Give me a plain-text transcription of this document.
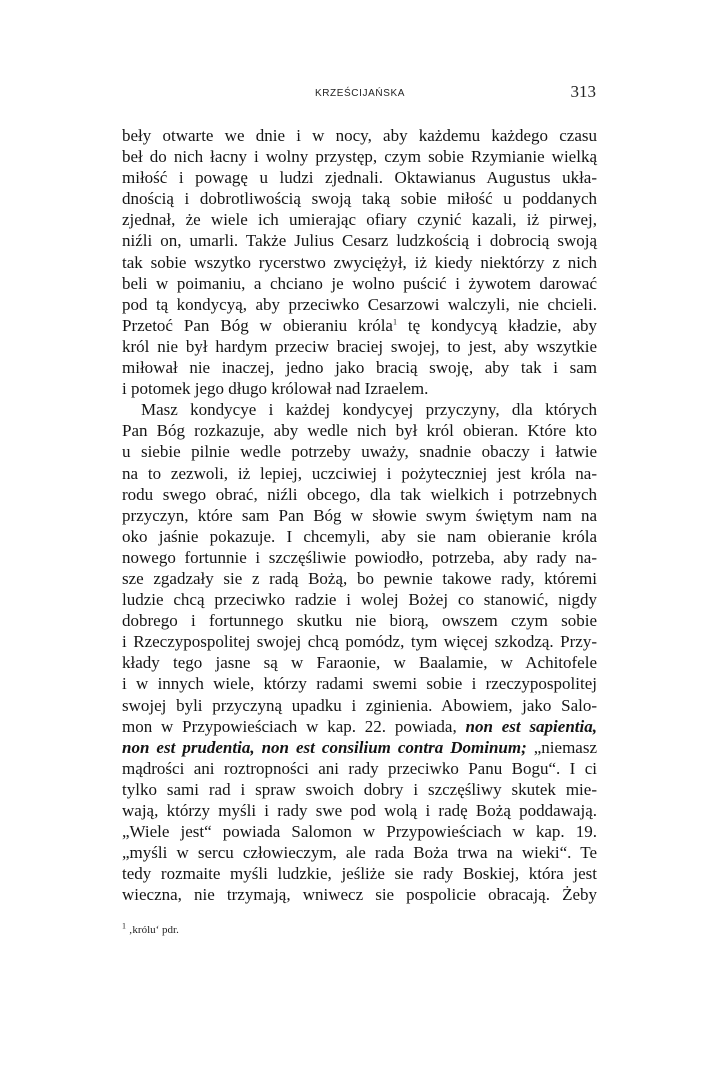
KRZEŚCIJAŃSKA	313
beły otwarte we dnie i w nocy, aby każdemu każdego czasu
beł do nich łacny i wolny przystęp, czym sobie Rzymianie wielką
miłość i powagę u ludzi zjednali. Oktawianus Augustus ukła-
dnością i dobrotliwością swoją taką sobie miłość u poddanych
zjednał, że wiele ich umierając ofiary czynić kazali, iż pirwej,
niźli on, umarli. Także Julius Cesarz ludzkością i dobrocią swoją
tak sobie wszytko rycerstwo zwyciężył, iż kiedy niektórzy z nich
beli w poimaniu, a chciano je wolno puścić i żywotem darować
pod tą kondycyą, aby przeciwko Cesarzowi walczyli, nie chcieli.
Przetoć Pan Bóg w obieraniu króla$^1$ tę kondycyą kładzie, aby
król nie był hardym przeciw braciej swojej, to jest, aby wszytkie
miłował nie inaczej, jedno jako bracią swoję, aby tak i sam
i potomek jego długo królował nad Izraelem.
Masz kondycye i każdej kondycyej przyczyny, dla których
Pan Bóg rozkazuje, aby wedle nich był król obieran. Które kto
u siebie pilnie wedle potrzeby uważy, snadnie obaczy i łatwie
na to zezwoli, iż lepiej, uczciwiej i pożyteczniej jest króla na-
rodu swego obrać, niźli obcego, dla tak wielkich i potrzebnych
przyczyn, które sam Pan Bóg w słowie swym świętym nam na
oko jaśnie pokazuje. I chcemyli, aby sie nam obieranie króla
nowego fortunnie i szczęśliwie powiodło, potrzeba, aby rady na-
sze zgadzały sie z radą Bożą, bo pewnie takowe rady, któremi
ludzie chcą przeciwko radzie i wolej Bożej co stanowić, nigdy
dobrego i fortunnego skutku nie biorą, owszem czym sobie
i Rzeczypospolitej swojej chcą pomódz, tym więcej szkodzą. Przy-
kłady tego jasne są w Faraonie, w Baalamie, w Achitofele
i w innych wiele, którzy radami swemi sobie i rzeczypospolitej
swojej byli przyczyną upadku i zginienia. Abowiem, jako Salo-
mon w Przypowieściach w kap. 22. powiada, non est sapientia,
non est prudentia, non est consilium contra Dominum; „niemasz
mądrości ani roztropności ani rady przeciwko Panu Bogu“. I ci
tylko sami rad i spraw swoich dobry i szczęśliwy skutek mie-
wają, którzy myśli i rady swe pod wolą i radę Bożą poddawają.
„Wiele jest“ powiada Salomon w Przypowieściach w kap. 19.
„myśli w sercu człowieczym, ale rada Boża trwa na wieki“. Te
tedy rozmaite myśli ludzkie, jeśliże sie rady Boskiej, która jest
wieczna, nie trzymają, wniwecz sie pospolicie obracają. Żeby
$^1$ ‚królu‘ pdr.
